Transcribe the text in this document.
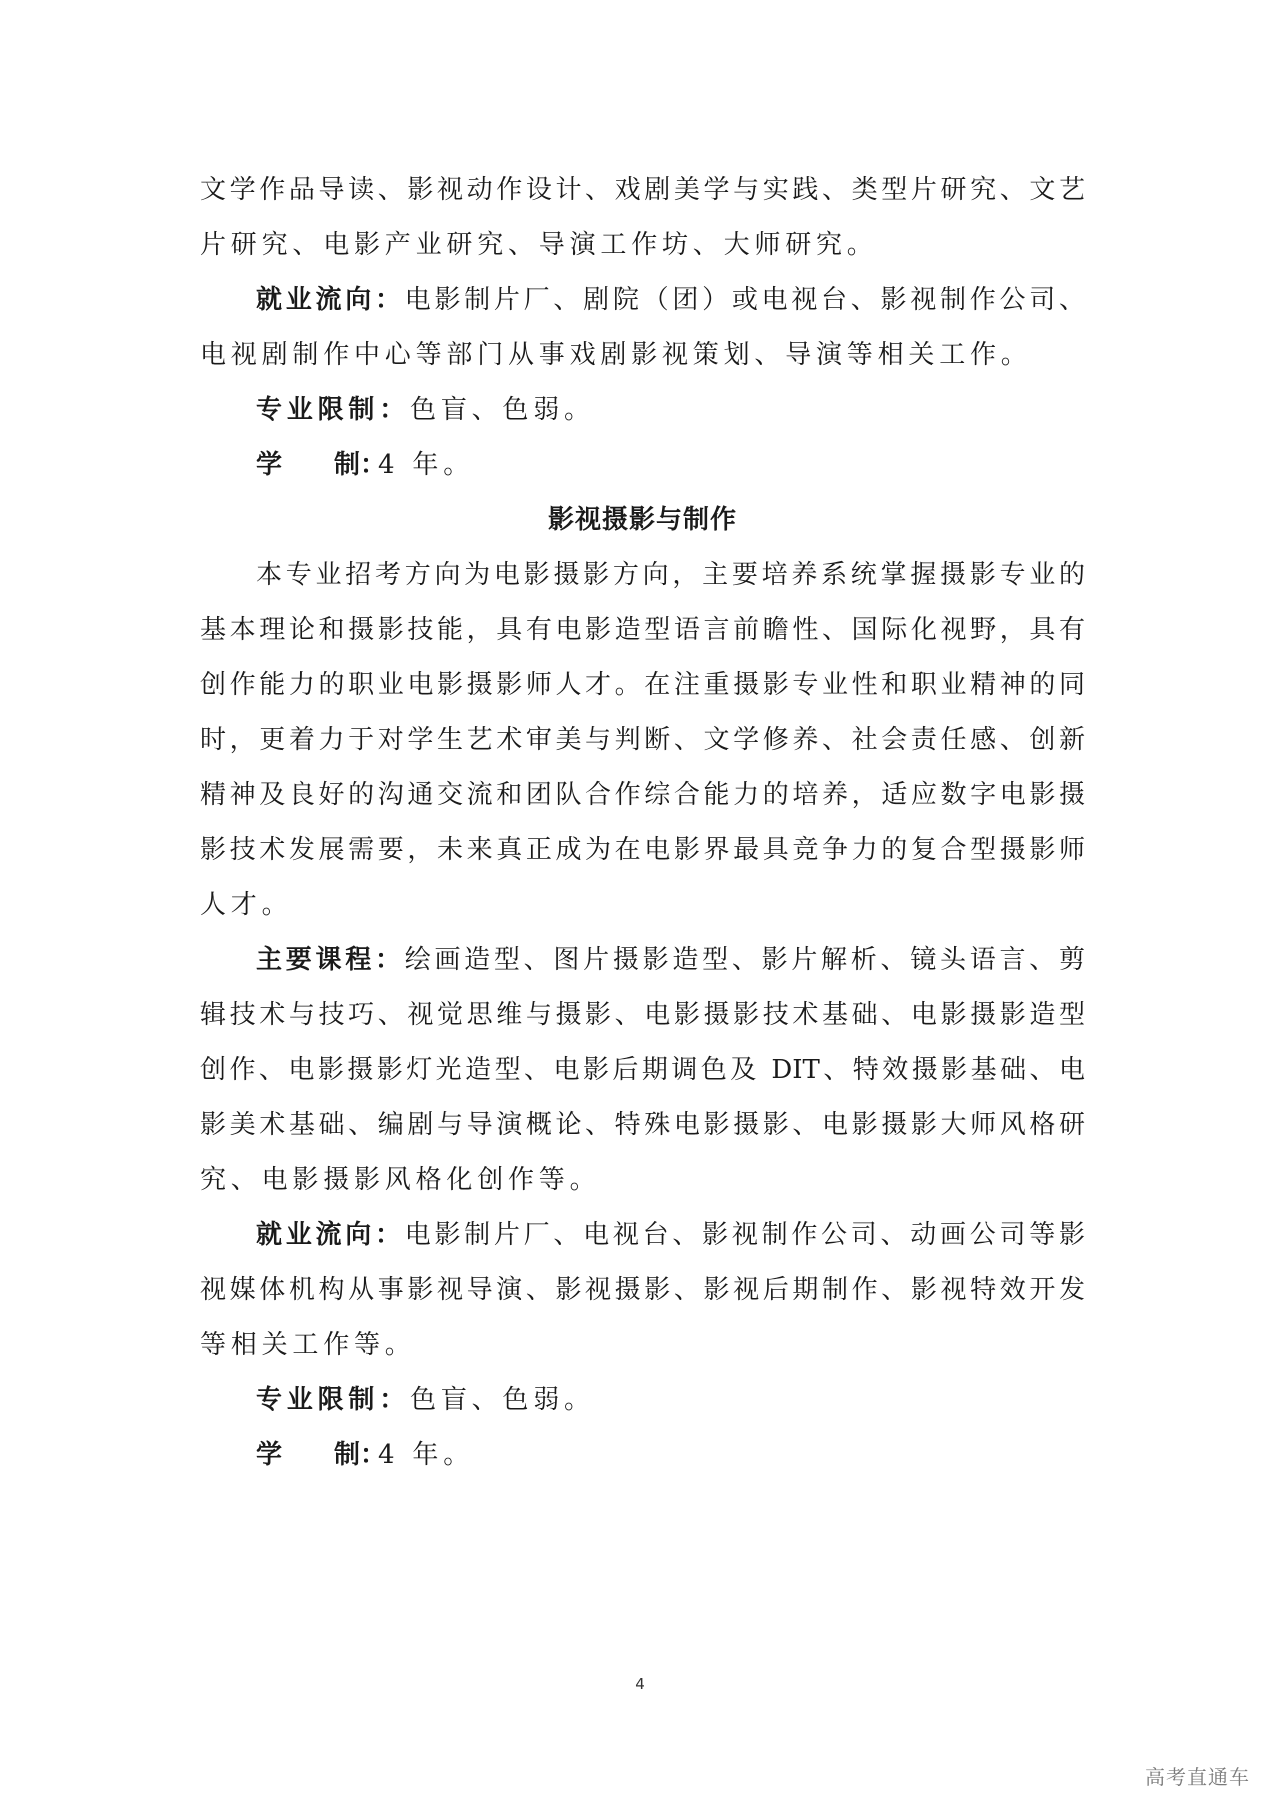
文学作品导读、影视动作设计、戏剧美学与实践、类型片研究、文艺
片研究、电影产业研究、导演工作坊、大师研究。
就业流向：电影制片厂、剧院（团）或电视台、影视制作公司、
电视剧制作中心等部门从事戏剧影视策划、导演等相关工作。
专业限制：色盲、色弱。
学　　制：4 年。
影视摄影与制作
本专业招考方向为电影摄影方向，主要培养系统掌握摄影专业的
基本理论和摄影技能，具有电影造型语言前瞻性、国际化视野，具有
创作能力的职业电影摄影师人才。在注重摄影专业性和职业精神的同
时，更着力于对学生艺术审美与判断、文学修养、社会责任感、创新
精神及良好的沟通交流和团队合作综合能力的培养，适应数字电影摄
影技术发展需要，未来真正成为在电影界最具竞争力的复合型摄影师
人才。
主要课程：绘画造型、图片摄影造型、影片解析、镜头语言、剪
辑技术与技巧、视觉思维与摄影、电影摄影技术基础、电影摄影造型
创作、电影摄影灯光造型、电影后期调色及 DIT、特效摄影基础、电
影美术基础、编剧与导演概论、特殊电影摄影、电影摄影大师风格研
究、电影摄影风格化创作等。
就业流向：电影制片厂、电视台、影视制作公司、动画公司等影
视媒体机构从事影视导演、影视摄影、影视后期制作、影视特效开发
等相关工作等。
专业限制：色盲、色弱。
学　　制：4 年。
4
高考直通车
